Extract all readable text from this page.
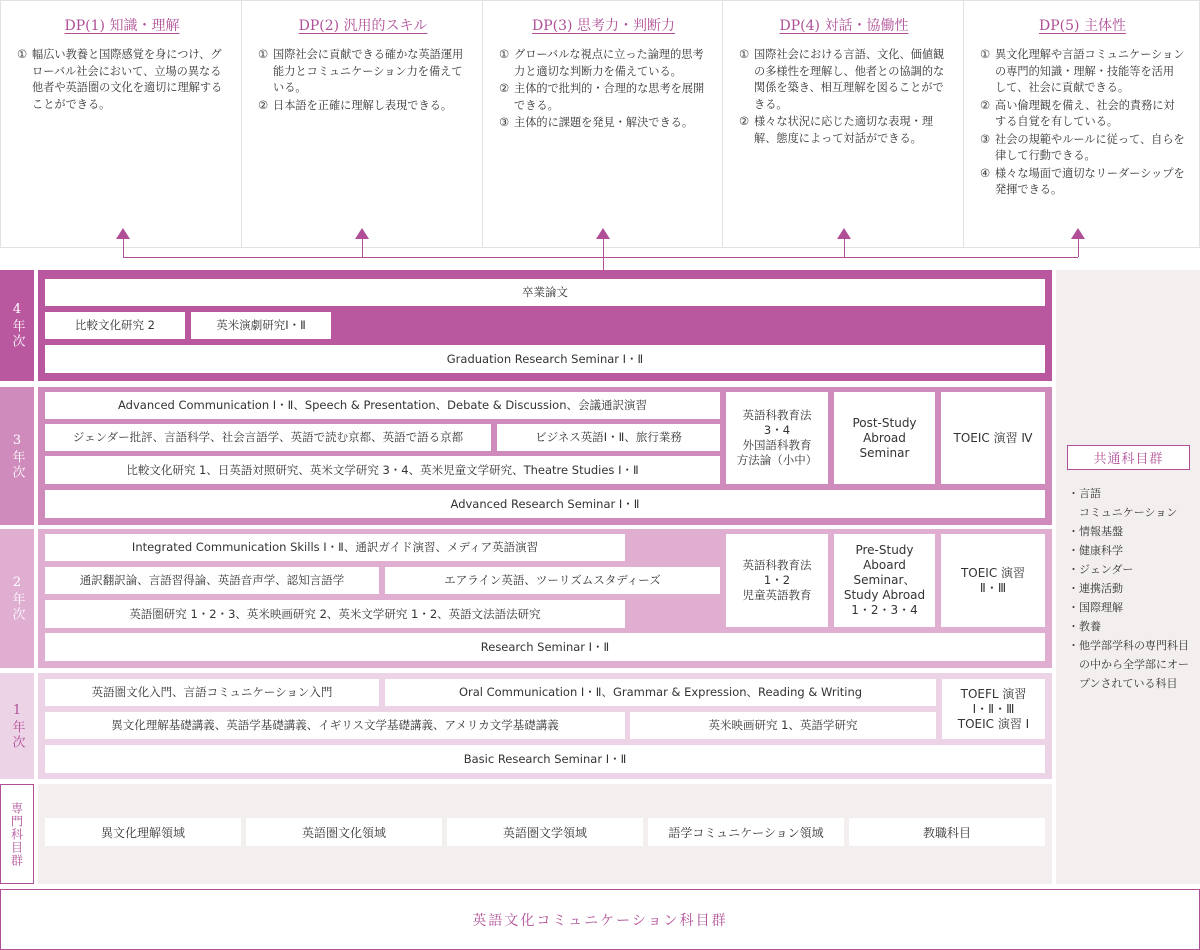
DP(1) 知識・理解
① 幅広い教養と国際感覚を身につけ、グローバル社会において、立場の異なる他者や英語圏の文化を適切に理解することができる。
DP(2) 汎用的スキル
① 国際社会に貢献できる確かな英語運用能力とコミュニケーション力を備えている。
② 日本語を正確に理解し表現できる。
DP(3) 思考力・判断力
① グローバルな視点に立った論理的思考力と適切な判断力を備えている。
② 主体的で批判的・合理的な思考を展開できる。
③ 主体的に課題を発見・解決できる。
DP(4) 対話・協働性
① 国際社会における言語、文化、価値観の多様性を理解し、他者との協調的な関係を築き、相互理解を図ることができる。
② 様々な状況に応じた適切な表現・理解、態度によって対話ができる。
DP(5) 主体性
① 異文化理解や言語コミュニケーションの専門的知識・理解・技能等を活用して、社会に貢献できる。
② 高い倫理観を備え、社会的責務に対する自覚を有している。
③ 社会の規範やルールに従って、自らを律して行動できる。
④ 様々な場面で適切なリーダーシップを発揮できる。
共通科目群
・ 言語
コミュニケーション
・ 情報基盤
・ 健康科学
・ ジェンダー
・ 連携活動
・ 国際理解
・ 教養
・ 他学部学科の専門科目の中から全学部にオープンされている科目
4年次
卒業論文
比較文化研究 2	英米演劇研究Ⅰ・Ⅱ
Graduation Research Seminar Ⅰ・Ⅱ
3年次
Advanced Communication Ⅰ・Ⅱ、Speech & Presentation、Debate & Discussion、会議通訳演習
ジェンダー批評、言語科学、社会言語学、英語で読む京都、英語で語る京都	ビジネス英語Ⅰ・Ⅱ、旅行業務
比較文化研究 1、日英語対照研究、英米文学研究 3・4、英米児童文学研究、Theatre Studies Ⅰ・Ⅱ
英語科教育法
3・4
外国語科教育
方法論（小中）
Post-Study
Abroad
Seminar
TOEIC 演習 Ⅳ
Advanced Research Seminar Ⅰ・Ⅱ
2年次
Integrated Communication Skills Ⅰ・Ⅱ、通訳ガイド演習、メディア英語演習
通訳翻訳論、言語習得論、英語音声学、認知言語学	エアライン英語、ツーリズムスタディーズ
英語圏研究 1・2・3、英米映画研究 2、英米文学研究 1・2、英語文法語法研究
英語科教育法
1・2
児童英語教育
Pre-Study
Aboard
Seminar、
Study Abroad
1・2・3・4
TOEIC 演習
Ⅱ・Ⅲ
Research Seminar Ⅰ・Ⅱ
1年次
英語圏文化入門、言語コミュニケーション入門	Oral Communication Ⅰ・Ⅱ、Grammar & Expression、Reading & Writing	TOEFL 演習
Ⅰ・Ⅱ・Ⅲ
TOEIC 演習 Ⅰ
異文化理解基礎講義、英語学基礎講義、イギリス文学基礎講義、アメリカ文学基礎講義	英米映画研究 1、英語学研究
Basic Research Seminar Ⅰ・Ⅱ
専門科目群	異文化理解領域	英語圏文化領域	英語圏文学領域	語学コミュニケーション領域	教職科目
英語文化コミュニケーション科目群
